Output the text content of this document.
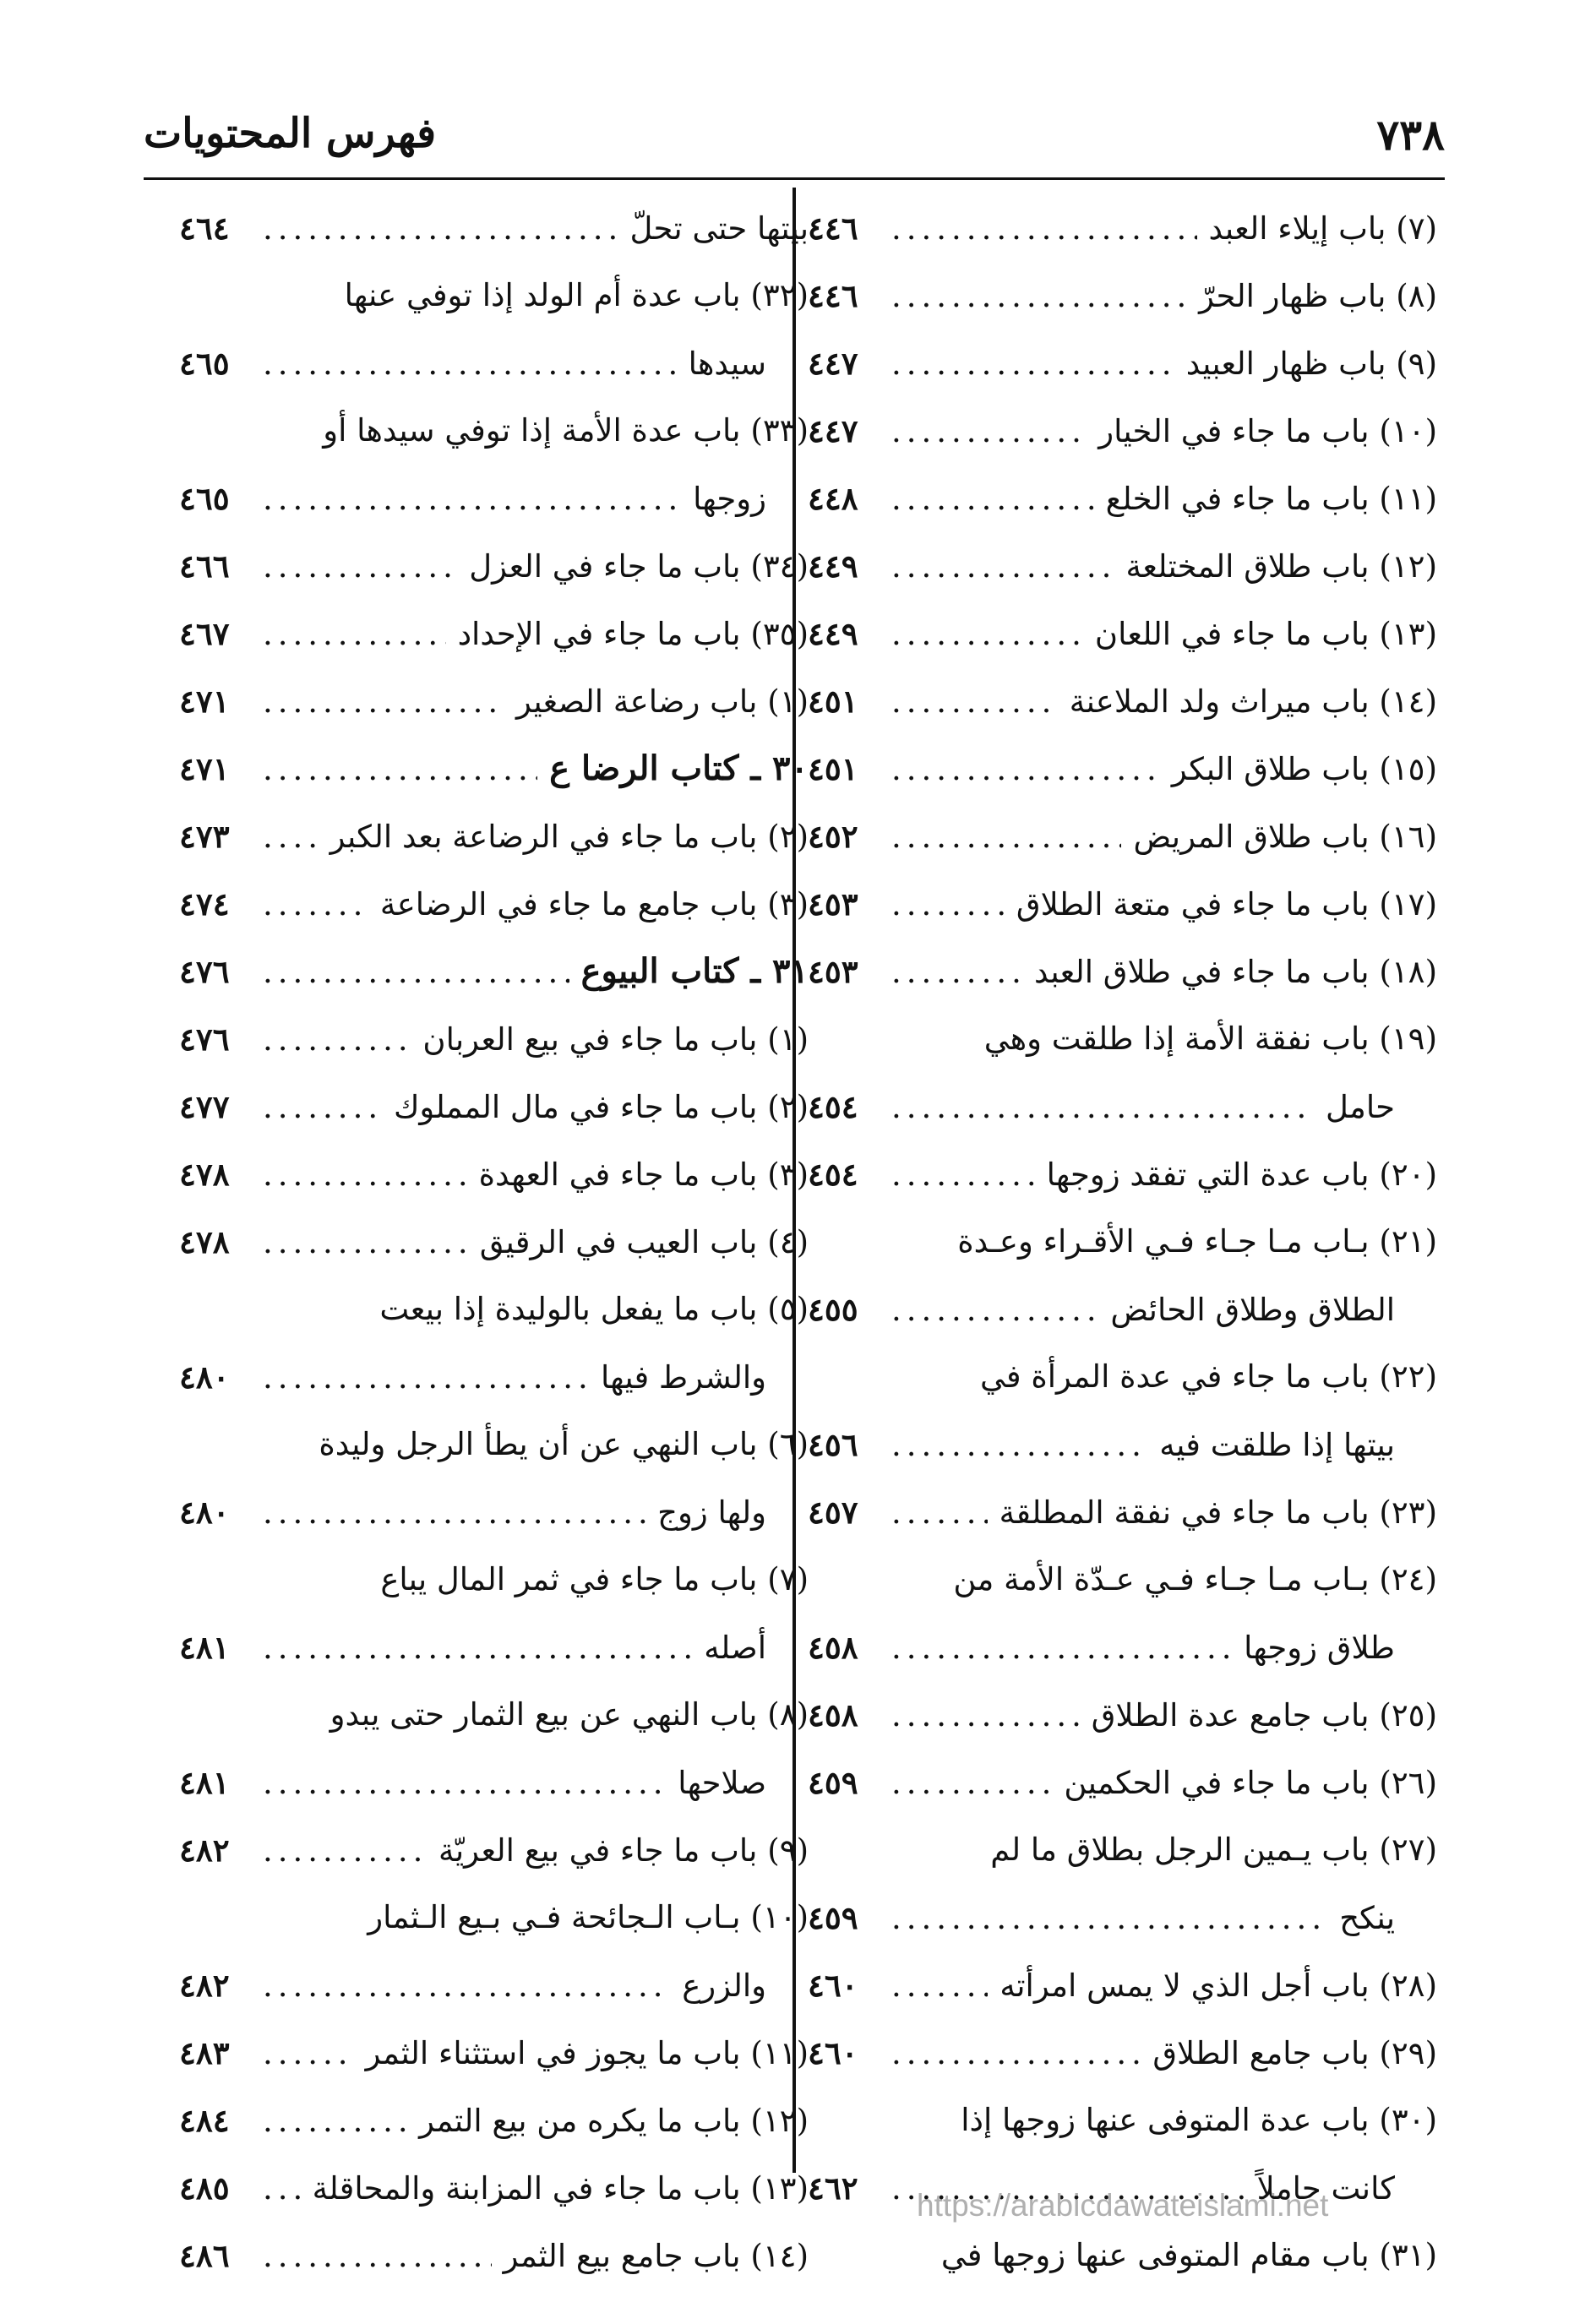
٧٣٨
فهرس المحتويات
(٧) باب إيلاء العبد
.....
٤٤٦
(٨) باب ظهار الحرّ
.....
٤٤٦
(٩) باب ظهار العبيد
.....
٤٤٧
(١٠) باب ما جاء في الخيار
.....
٤٤٧
(١١) باب ما جاء في الخلع
.....
٤٤٨
(١٢) باب طلاق المختلعة
.....
٤٤٩
(١٣) باب ما جاء في اللعان
.....
٤٤٩
(١٤) باب ميراث ولد الملاعنة
.....
٤٥١
(١٥) باب طلاق البكر
.....
٤٥١
(١٦) باب طلاق المريض
.....
٤٥٢
(١٧) باب ما جاء في متعة الطلاق
.....
٤٥٣
(١٨) باب ما جاء في طلاق العبد
.....
٤٥٣
(١٩) باب نفقة الأمة إذا طلقت وهي
حامل
.....
٤٥٤
(٢٠) باب عدة التي تفقد زوجها
.....
٤٥٤
(٢١) بـاب مـا جـاء فـي الأقـراء وعـدة
الطلاق وطلاق الحائض
.....
٤٥٥
(٢٢) باب ما جاء في عدة المرأة في
بيتها إذا طلقت فيه
.....
٤٥٦
(٢٣) باب ما جاء في نفقة المطلقة
.....
٤٥٧
(٢٤) بـاب مـا جـاء فـي عـدّة الأمة من
طلاق زوجها
.....
٤٥٨
(٢٥) باب جامع عدة الطلاق
.....
٤٥٨
(٢٦) باب ما جاء في الحكمين
.....
٤٥٩
(٢٧) باب يـمين الرجل بطلاق ما لم
ينكح
.....
٤٥٩
(٢٨) باب أجل الذي لا يمس امرأته
.....
٤٦٠
(٢٩) باب جامع الطلاق
.....
٤٦٠
(٣٠) باب عدة المتوفى عنها زوجها إذا
كانت حاملاً
.....
٤٦٢
(٣١) باب مقام المتوفى عنها زوجها في
بيتها حتى تحلّ
.....
٤٦٤
(٣٢) باب عدة أم الولد إذا توفي عنها
سيدها
.....
٤٦٥
(٣٣) باب عدة الأمة إذا توفي سيدها أو
زوجها
.....
٤٦٥
(٣٤) باب ما جاء في العزل
.....
٤٦٦
(٣٥) باب ما جاء في الإحداد
.....
٤٦٧
(١) باب رضاعة الصغير
.....
٤٧١
٣٠ ـ كتاب الرضا ع
.....
٤٧١
(٢) باب ما جاء في الرضاعة بعد الكبر
.....
٤٧٣
(٣) باب جامع ما جاء في الرضاعة
.....
٤٧٤
٣١ ـ كتاب البيوع
.....
٤٧٦
(١) باب ما جاء في بيع العربان
.....
٤٧٦
(٢) باب ما جاء في مال المملوك
.....
٤٧٧
(٣) باب ما جاء في العهدة
.....
٤٧٨
(٤) باب العيب في الرقيق
.....
٤٧٨
(٥) باب ما يفعل بالوليدة إذا بيعت
والشرط فيها
.....
٤٨٠
(٦) باب النهي عن أن يطأ الرجل وليدة
ولها زوج
.....
٤٨٠
(٧) باب ما جاء في ثمر المال يباع
أصله
.....
٤٨١
(٨) باب النهي عن بيع الثمار حتى يبدو
صلاحها
.....
٤٨١
(٩) باب ما جاء في بيع العريّة
.....
٤٨٢
(١٠) بـاب الـجائحة فـي بـيع الـثمار
والزرع
.....
٤٨٢
(١١) باب ما يجوز في استثناء الثمر
.....
٤٨٣
(١٢) باب ما يكره من بيع التمر
.....
٤٨٤
(١٣) باب ما جاء في المزابنة والمحاقلة
.....
٤٨٥
(١٤) باب جامع بيع الثمر
.....
٤٨٦
https://arabicdawateislami.net
